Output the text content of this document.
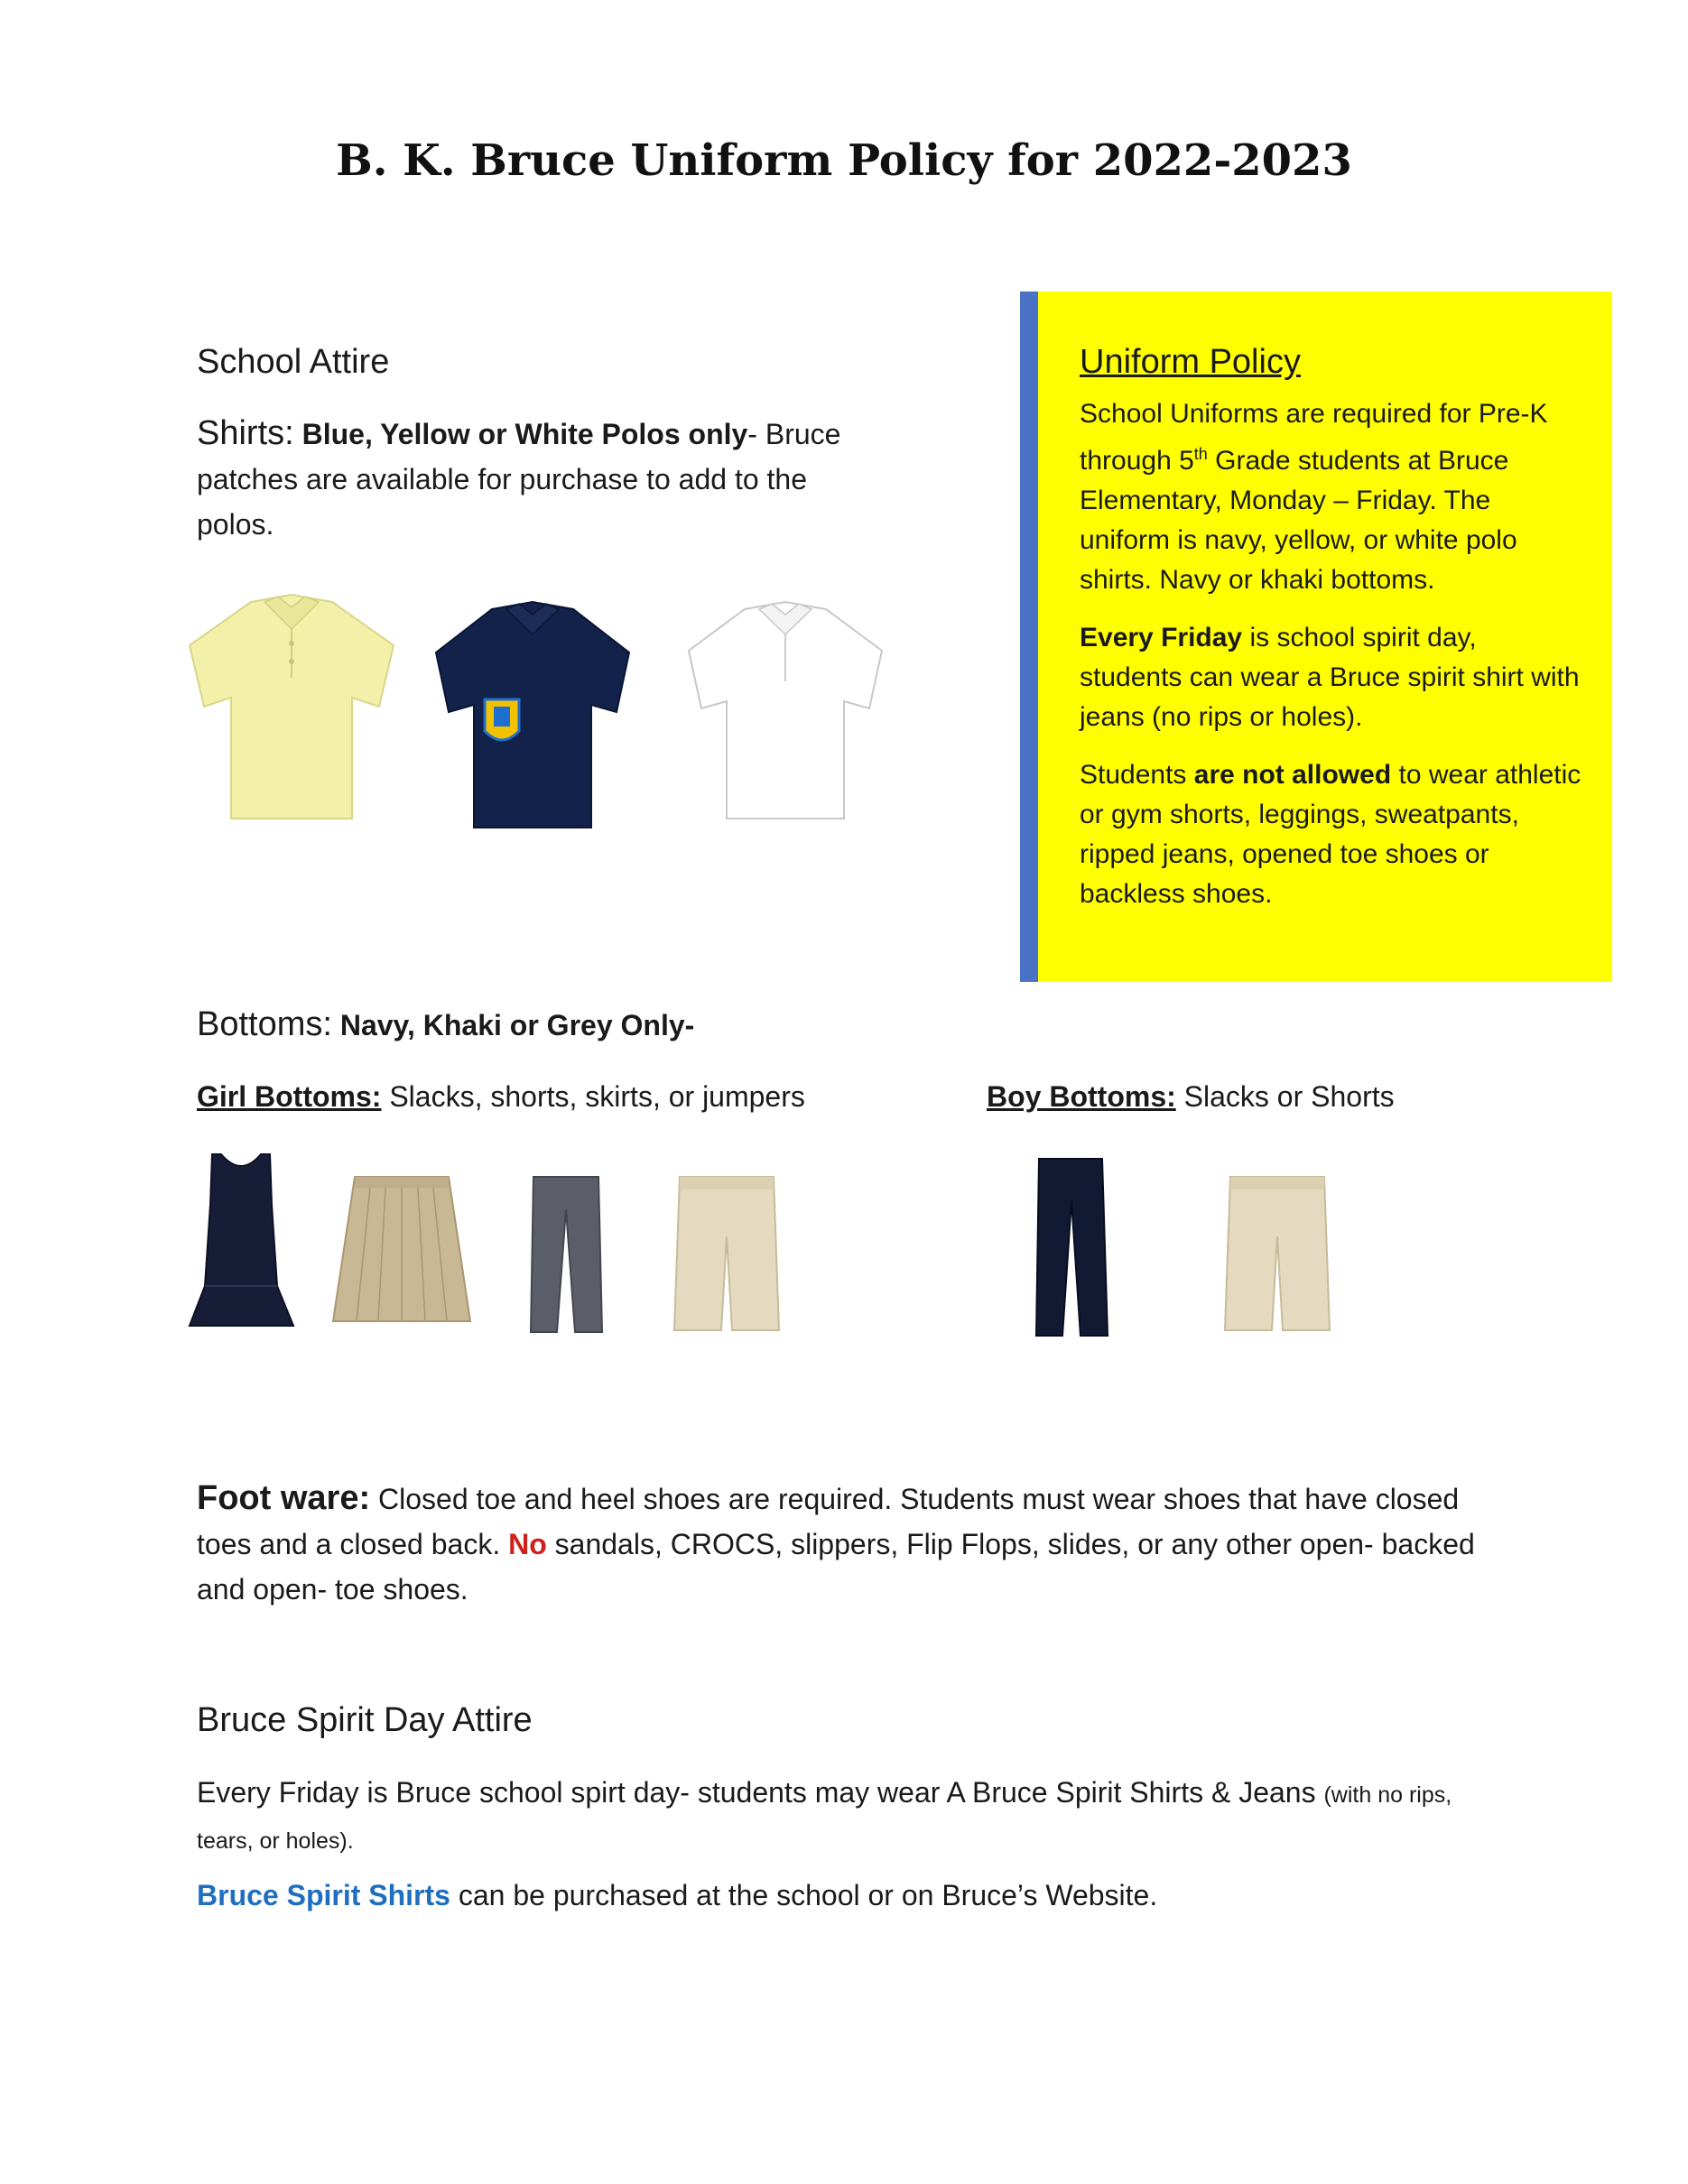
B. K. Bruce Uniform Policy for 2022-2023
School Attire
Shirts: Blue, Yellow or White Polos only- Bruce patches are available for purchase to add to the polos.
Uniform Policy

School Uniforms are required for Pre-K through 5th Grade students at Bruce Elementary, Monday – Friday. The uniform is navy, yellow, or white polo shirts. Navy or khaki bottoms.

Every Friday is school spirit day, students can wear a Bruce spirit shirt with jeans (no rips or holes).

Students are not allowed to wear athletic or gym shorts, leggings, sweatpants, ripped jeans, opened toe shoes or backless shoes.

Bottoms: Navy, Khaki or Grey Only-
Girl Bottoms: Slacks, shorts, skirts, or jumpers	Boy Bottoms: Slacks or Shorts
Foot ware: Closed toe and heel shoes are required. Students must wear shoes that have closed toes and a closed back. No sandals, CROCS, slippers, Flip Flops, slides, or any other open- backed and open- toe shoes.
Bruce Spirit Day Attire
Every Friday is Bruce school spirt day- students may wear A Bruce Spirit Shirts & Jeans (with no rips, tears, or holes).
Bruce Spirit Shirts can be purchased at the school or on Bruce’s Website.
